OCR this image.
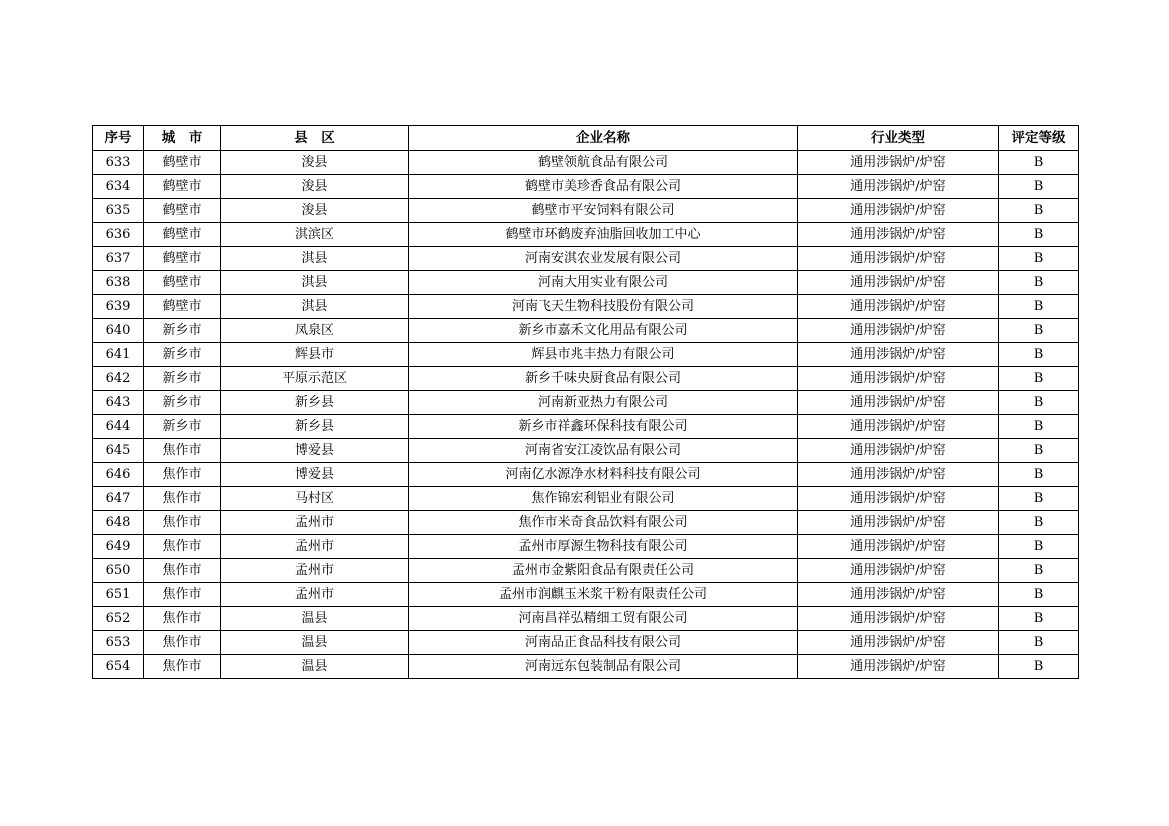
序号	城　市	县　区	企业名称	行业类型	评定等级
633	鹤壁市	浚县	鹤壁领航食品有限公司	通用涉锅炉/炉窑	B
634	鹤壁市	浚县	鹤壁市美珍香食品有限公司	通用涉锅炉/炉窑	B
635	鹤壁市	浚县	鹤壁市平安饲料有限公司	通用涉锅炉/炉窑	B
636	鹤壁市	淇滨区	鹤壁市环鹤废弃油脂回收加工中心	通用涉锅炉/炉窑	B
637	鹤壁市	淇县	河南安淇农业发展有限公司	通用涉锅炉/炉窑	B
638	鹤壁市	淇县	河南大用实业有限公司	通用涉锅炉/炉窑	B
639	鹤壁市	淇县	河南飞天生物科技股份有限公司	通用涉锅炉/炉窑	B
640	新乡市	凤泉区	新乡市嘉禾文化用品有限公司	通用涉锅炉/炉窑	B
641	新乡市	辉县市	辉县市兆丰热力有限公司	通用涉锅炉/炉窑	B
642	新乡市	平原示范区	新乡千味央厨食品有限公司	通用涉锅炉/炉窑	B
643	新乡市	新乡县	河南新亚热力有限公司	通用涉锅炉/炉窑	B
644	新乡市	新乡县	新乡市祥鑫环保科技有限公司	通用涉锅炉/炉窑	B
645	焦作市	博爱县	河南省安江凌饮品有限公司	通用涉锅炉/炉窑	B
646	焦作市	博爱县	河南亿水源净水材料科技有限公司	通用涉锅炉/炉窑	B
647	焦作市	马村区	焦作锦宏利铝业有限公司	通用涉锅炉/炉窑	B
648	焦作市	孟州市	焦作市米奇食品饮料有限公司	通用涉锅炉/炉窑	B
649	焦作市	孟州市	孟州市厚源生物科技有限公司	通用涉锅炉/炉窑	B
650	焦作市	孟州市	孟州市金紫阳食品有限责任公司	通用涉锅炉/炉窑	B
651	焦作市	孟州市	孟州市润麒玉米浆干粉有限责任公司	通用涉锅炉/炉窑	B
652	焦作市	温县	河南昌祥弘精细工贸有限公司	通用涉锅炉/炉窑	B
653	焦作市	温县	河南品正食品科技有限公司	通用涉锅炉/炉窑	B
654	焦作市	温县	河南远东包装制品有限公司	通用涉锅炉/炉窑	B
